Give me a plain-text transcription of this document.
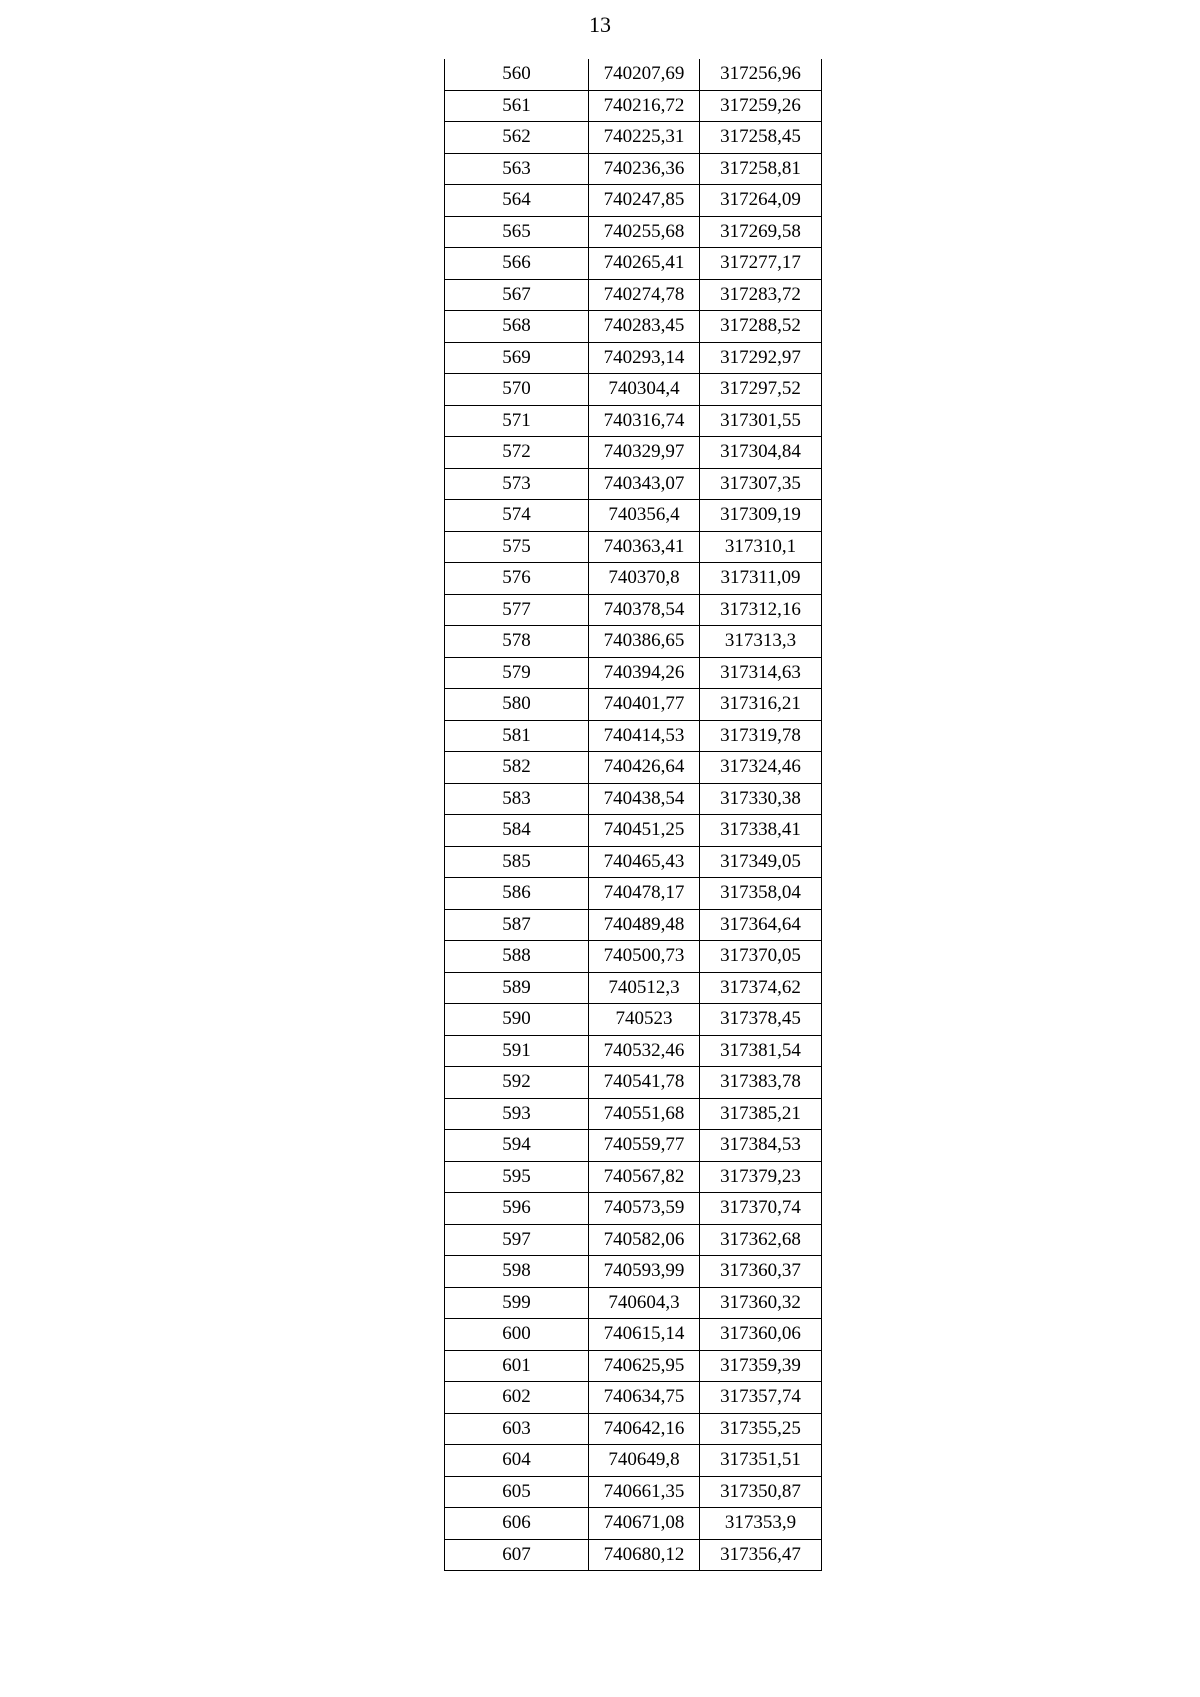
13
560	740207,69	317256,96
561	740216,72	317259,26
562	740225,31	317258,45
563	740236,36	317258,81
564	740247,85	317264,09
565	740255,68	317269,58
566	740265,41	317277,17
567	740274,78	317283,72
568	740283,45	317288,52
569	740293,14	317292,97
570	740304,4	317297,52
571	740316,74	317301,55
572	740329,97	317304,84
573	740343,07	317307,35
574	740356,4	317309,19
575	740363,41	317310,1
576	740370,8	317311,09
577	740378,54	317312,16
578	740386,65	317313,3
579	740394,26	317314,63
580	740401,77	317316,21
581	740414,53	317319,78
582	740426,64	317324,46
583	740438,54	317330,38
584	740451,25	317338,41
585	740465,43	317349,05
586	740478,17	317358,04
587	740489,48	317364,64
588	740500,73	317370,05
589	740512,3	317374,62
590	740523	317378,45
591	740532,46	317381,54
592	740541,78	317383,78
593	740551,68	317385,21
594	740559,77	317384,53
595	740567,82	317379,23
596	740573,59	317370,74
597	740582,06	317362,68
598	740593,99	317360,37
599	740604,3	317360,32
600	740615,14	317360,06
601	740625,95	317359,39
602	740634,75	317357,74
603	740642,16	317355,25
604	740649,8	317351,51
605	740661,35	317350,87
606	740671,08	317353,9
607	740680,12	317356,47
